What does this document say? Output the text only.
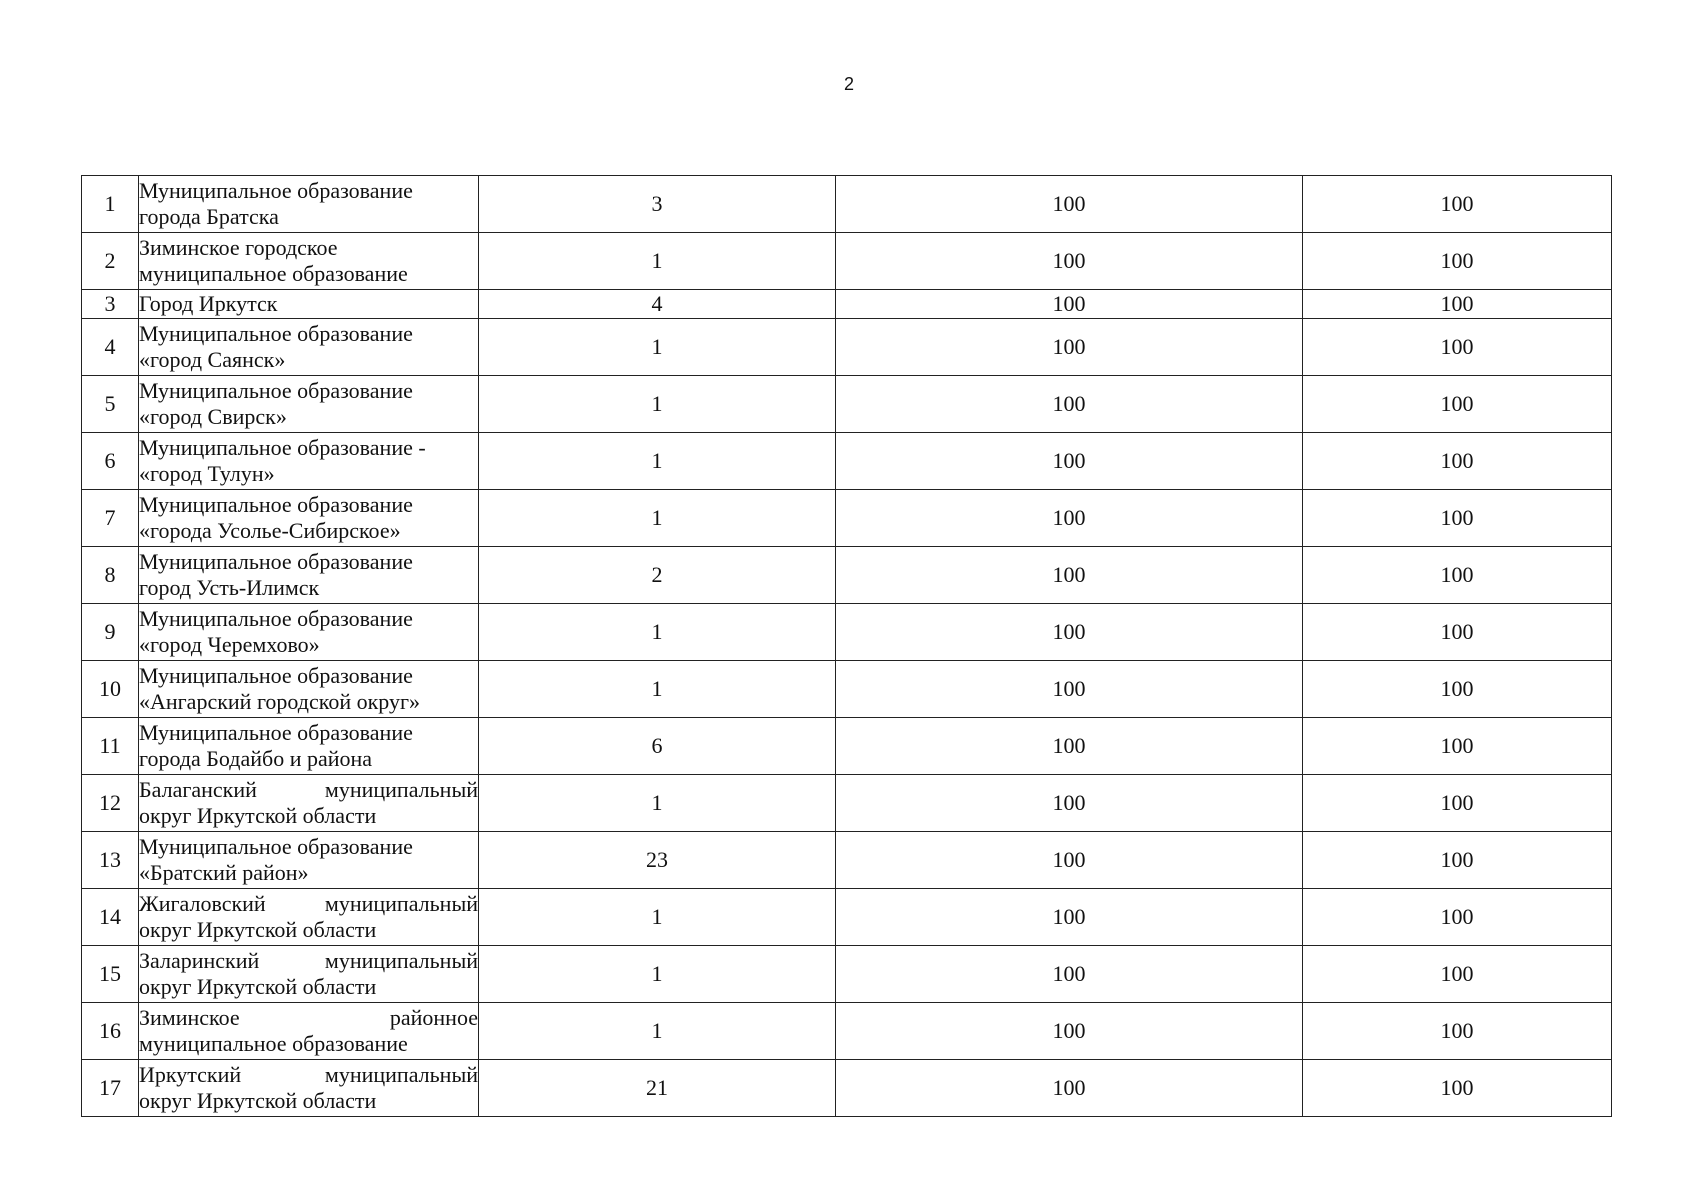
2
1	Муниципальное образование
города Братска	3	100	100
2	Зиминское городское
муниципальное образование	1	100	100
3	Город Иркутск	4	100	100
4	Муниципальное образование
«город Саянск»	1	100	100
5	Муниципальное образование
«город Свирск»	1	100	100
6	Муниципальное образование -
«город Тулун»	1	100	100
7	Муниципальное образование
«города Усолье-Сибирское»	1	100	100
8	Муниципальное образование
город Усть-Илимск	2	100	100
9	Муниципальное образование
«город Черемхово»	1	100	100
10	Муниципальное образование
«Ангарский городской округ»	1	100	100
11	Муниципальное образование
города Бодайбо и района	6	100	100
12	Балаганский муниципальный
округ Иркутской области	1	100	100
13	Муниципальное образование
«Братский район»	23	100	100
14	Жигаловский муниципальный
округ Иркутской области	1	100	100
15	Заларинский муниципальный
округ Иркутской области	1	100	100
16	Зиминское районное
муниципальное образование	1	100	100
17	Иркутский муниципальный
округ Иркутской области	21	100	100
